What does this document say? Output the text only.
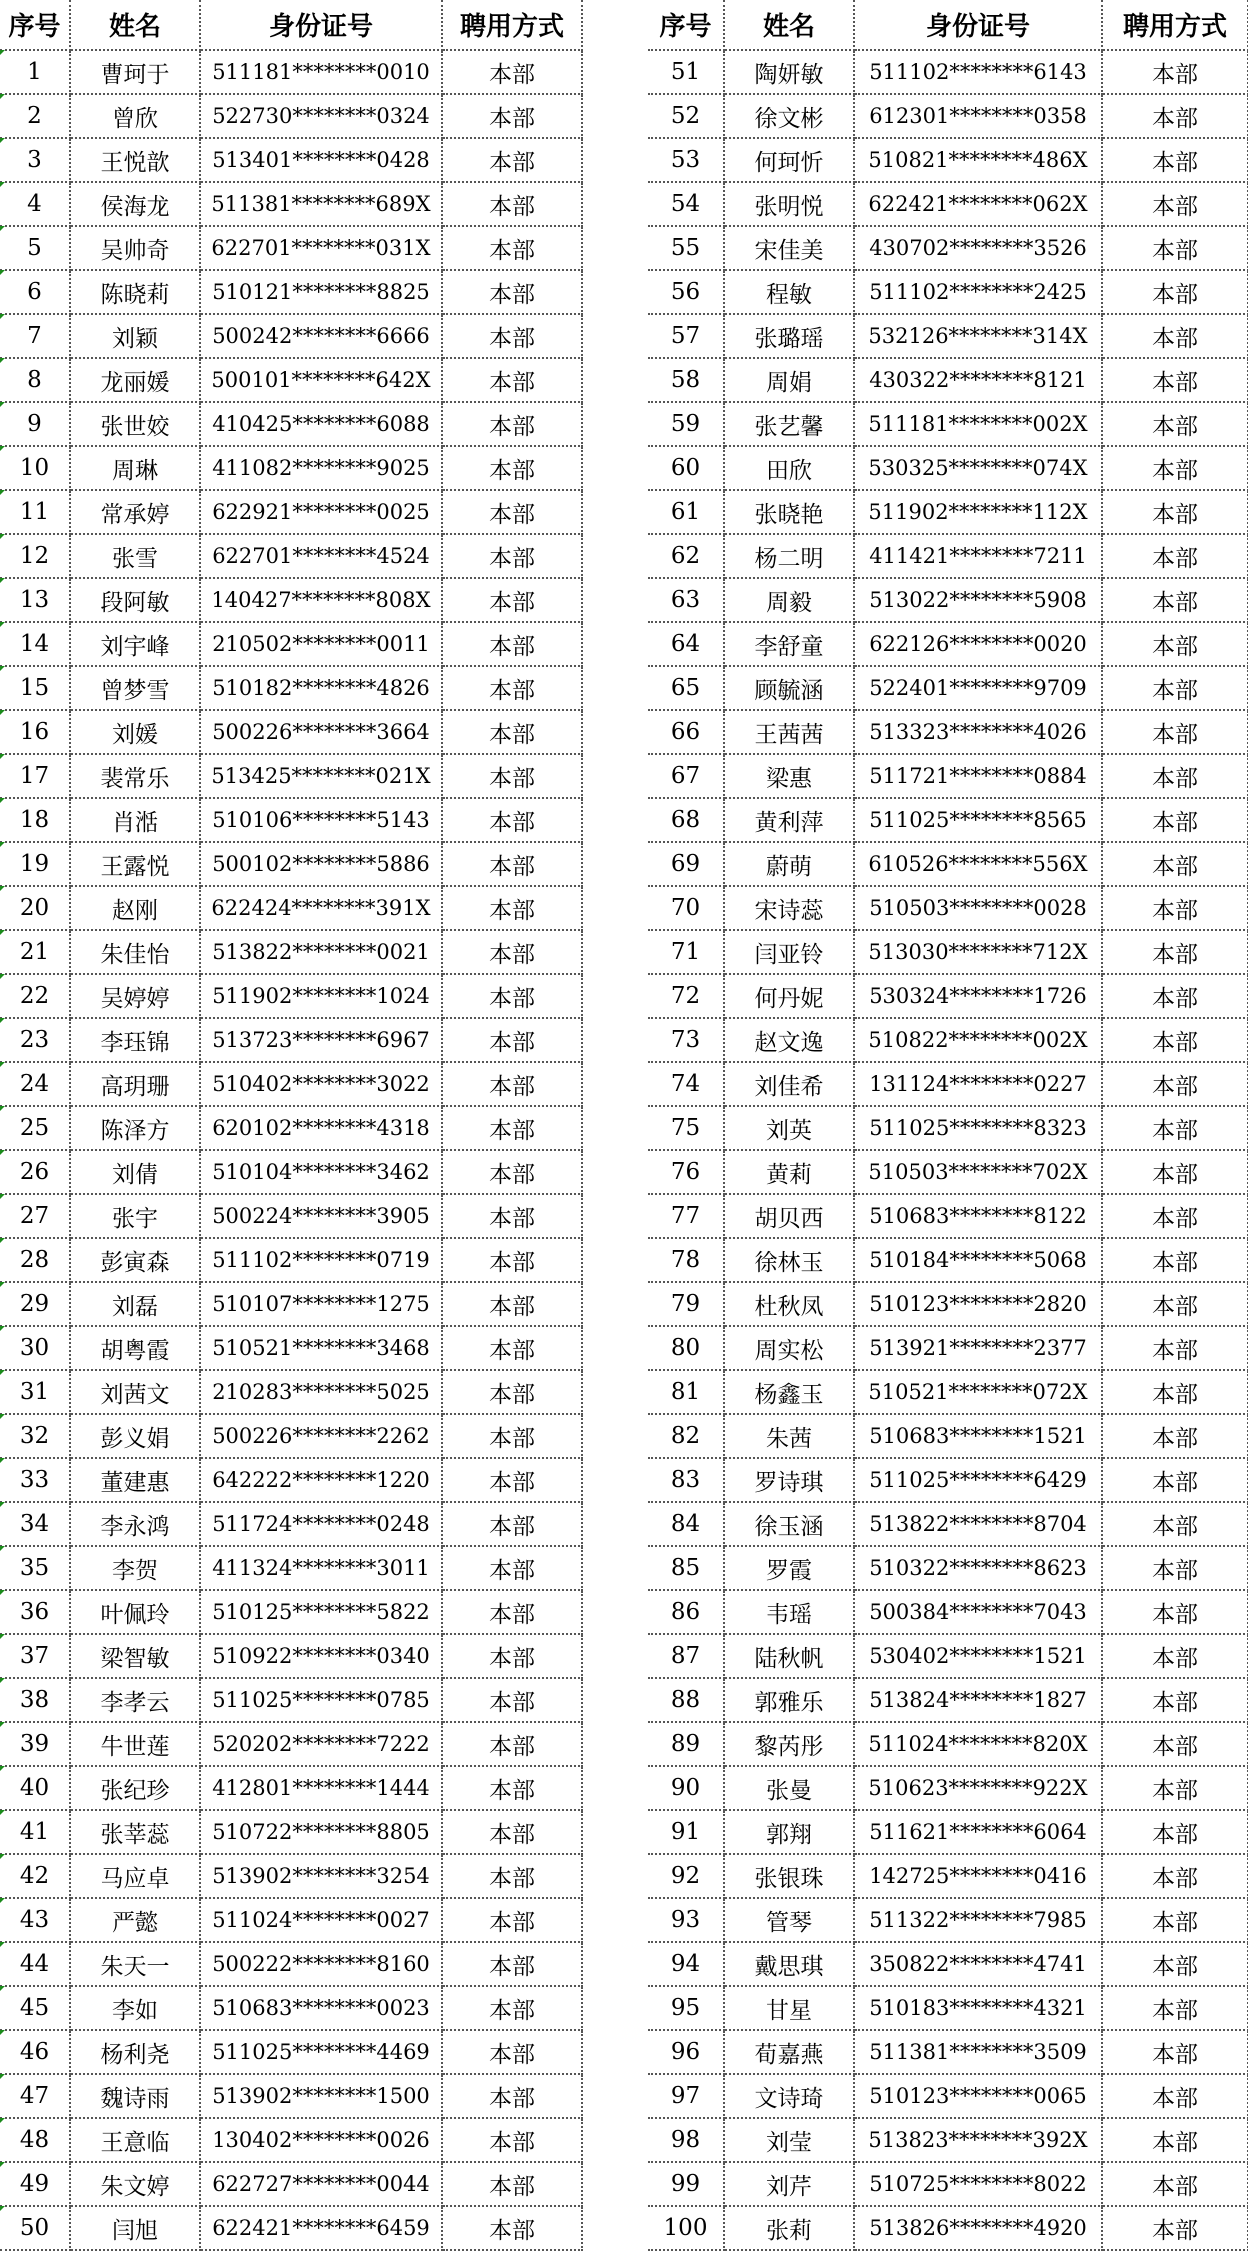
序号	姓名	身份证号	聘用方式
1	曹珂于	511181********0010	本部
2	曾欣	522730********0324	本部
3	王悦歆	513401********0428	本部
4	侯海龙	511381********689X	本部
5	吴帅奇	622701********031X	本部
6	陈晓莉	510121********8825	本部
7	刘颖	500242********6666	本部
8	龙丽媛	500101********642X	本部
9	张世姣	410425********6088	本部
10	周琳	411082********9025	本部
11	常承婷	622921********0025	本部
12	张雪	622701********4524	本部
13	段阿敏	140427********808X	本部
14	刘宇峰	210502********0011	本部
15	曾梦雪	510182********4826	本部
16	刘媛	500226********3664	本部
17	裴常乐	513425********021X	本部
18	肖湉	510106********5143	本部
19	王露悦	500102********5886	本部
20	赵刚	622424********391X	本部
21	朱佳怡	513822********0021	本部
22	吴婷婷	511902********1024	本部
23	李珏锦	513723********6967	本部
24	高玥珊	510402********3022	本部
25	陈泽方	620102********4318	本部
26	刘倩	510104********3462	本部
27	张宇	500224********3905	本部
28	彭寅森	511102********0719	本部
29	刘磊	510107********1275	本部
30	胡粤霞	510521********3468	本部
31	刘茜文	210283********5025	本部
32	彭义娟	500226********2262	本部
33	董建惠	642222********1220	本部
34	李永鸿	511724********0248	本部
35	李贺	411324********3011	本部
36	叶佩玲	510125********5822	本部
37	梁智敏	510922********0340	本部
38	李孝云	511025********0785	本部
39	牛世莲	520202********7222	本部
40	张纪珍	412801********1444	本部
41	张莘蕊	510722********8805	本部
42	马应卓	513902********3254	本部
43	严懿	511024********0027	本部
44	朱天一	500222********8160	本部
45	李如	510683********0023	本部
46	杨利尧	511025********4469	本部
47	魏诗雨	513902********1500	本部
48	王意临	130402********0026	本部
49	朱文婷	622727********0044	本部
50	闫旭	622421********6459	本部
序号	姓名	身份证号	聘用方式
51	陶妍敏	511102********6143	本部
52	徐文彬	612301********0358	本部
53	何珂忻	510821********486X	本部
54	张明悦	622421********062X	本部
55	宋佳美	430702********3526	本部
56	程敏	511102********2425	本部
57	张璐瑶	532126********314X	本部
58	周娟	430322********8121	本部
59	张艺馨	511181********002X	本部
60	田欣	530325********074X	本部
61	张晓艳	511902********112X	本部
62	杨二明	411421********7211	本部
63	周毅	513022********5908	本部
64	李舒童	622126********0020	本部
65	顾毓涵	522401********9709	本部
66	王茜茜	513323********4026	本部
67	梁惠	511721********0884	本部
68	黄利萍	511025********8565	本部
69	蔚萌	610526********556X	本部
70	宋诗蕊	510503********0028	本部
71	闫亚铃	513030********712X	本部
72	何丹妮	530324********1726	本部
73	赵文逸	510822********002X	本部
74	刘佳希	131124********0227	本部
75	刘英	511025********8323	本部
76	黄莉	510503********702X	本部
77	胡贝西	510683********8122	本部
78	徐林玉	510184********5068	本部
79	杜秋凤	510123********2820	本部
80	周实松	513921********2377	本部
81	杨鑫玉	510521********072X	本部
82	朱茜	510683********1521	本部
83	罗诗琪	511025********6429	本部
84	徐玉涵	513822********8704	本部
85	罗霞	510322********8623	本部
86	韦瑶	500384********7043	本部
87	陆秋帆	530402********1521	本部
88	郭雅乐	513824********1827	本部
89	黎芮彤	511024********820X	本部
90	张曼	510623********922X	本部
91	郭翔	511621********6064	本部
92	张银珠	142725********0416	本部
93	管琴	511322********7985	本部
94	戴思琪	350822********4741	本部
95	甘星	510183********4321	本部
96	荀嘉燕	511381********3509	本部
97	文诗琦	510123********0065	本部
98	刘莹	513823********392X	本部
99	刘芹	510725********8022	本部
100	张莉	513826********4920	本部
